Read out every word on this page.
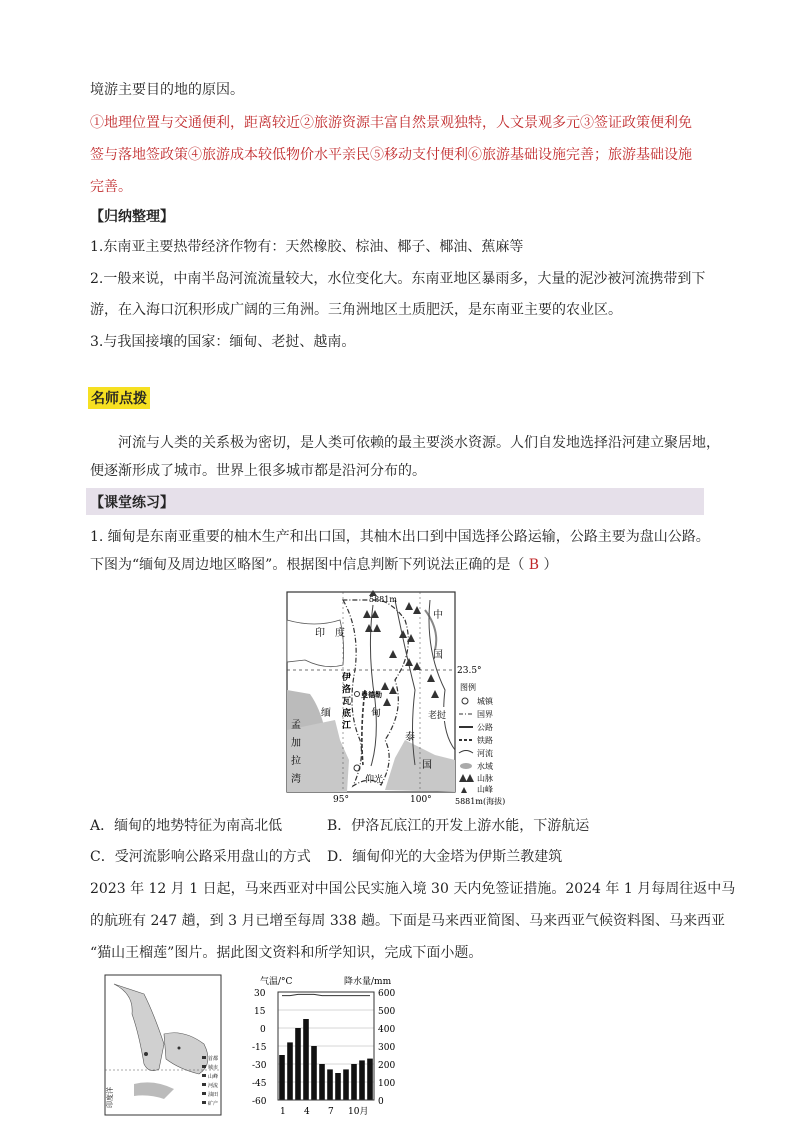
境游主要目的地的原因。
①地理位置与交通便利，距离较近②旅游资源丰富自然景观独特，人文景观多元③签证政策便利免
签与落地签政策④旅游成本较低物价水平亲民⑤移动支付便利⑥旅游基础设施完善；旅游基础设施
完善。
【归纳整理】
1.东南亚主要热带经济作物有：天然橡胶、棕油、椰子、椰油、蕉麻等
2.一般来说，中南半岛河流流量较大，水位变化大。东南亚地区暴雨多，大量的泥沙被河流携带到下
游，在入海口沉积形成广阔的三角洲。三角洲地区土质肥沃，是东南亚主要的农业区。
3.与我国接壤的国家：缅甸、老挝、越南。
名师点拨
河流与人类的关系极为密切，是人类可依赖的最主要淡水资源。人们自发地选择沿河建立聚居地，
便逐渐形成了城市。世界上很多城市都是沿河分布的。
【课堂练习】
1. 缅甸是东南亚重要的柚木生产和出口国，其柚木出口到中国选择公路运输，公路主要为盘山公路。
下图为“缅甸及周边地区略图”。根据图中信息判断下列说法正确的是（ B ）
5881m
印 度
中
国
23.5°
图例
城镇
国界
公路
铁路
河流
水域
山脉
山峰
5881m(海拔)
伊
洛
瓦
底
江
曼德勒
缅	甸
孟
加
拉
湾
老挝
泰
国
仰光
95°	100°
A．缅甸的地势特征为南高北低	B．伊洛瓦底江的开发上游水能，下游航运
C．受河流影响公路采用盘山的方式 D．缅甸仰光的大金塔为伊斯兰教建筑
2023 年 12 月 1 日起，马来西亚对中国公民实施入境 30 天内免签证措施。2024 年 1 月每周往返中马
的航班有 247 趟，到 3 月已增至每周 338 趟。下面是马来西亚简图、马来西亚气候资料图、马来西亚
“猫山王榴莲”图片。据此图文资料和所学知识，完成下面小题。
印度洋
首都
城市
山峰
河流
油田
矿产
气温/°C	降水量/mm
30
15
0
-15
-30
-45
-60
600
500
400
300
200
100
0
1 4 7 10月
